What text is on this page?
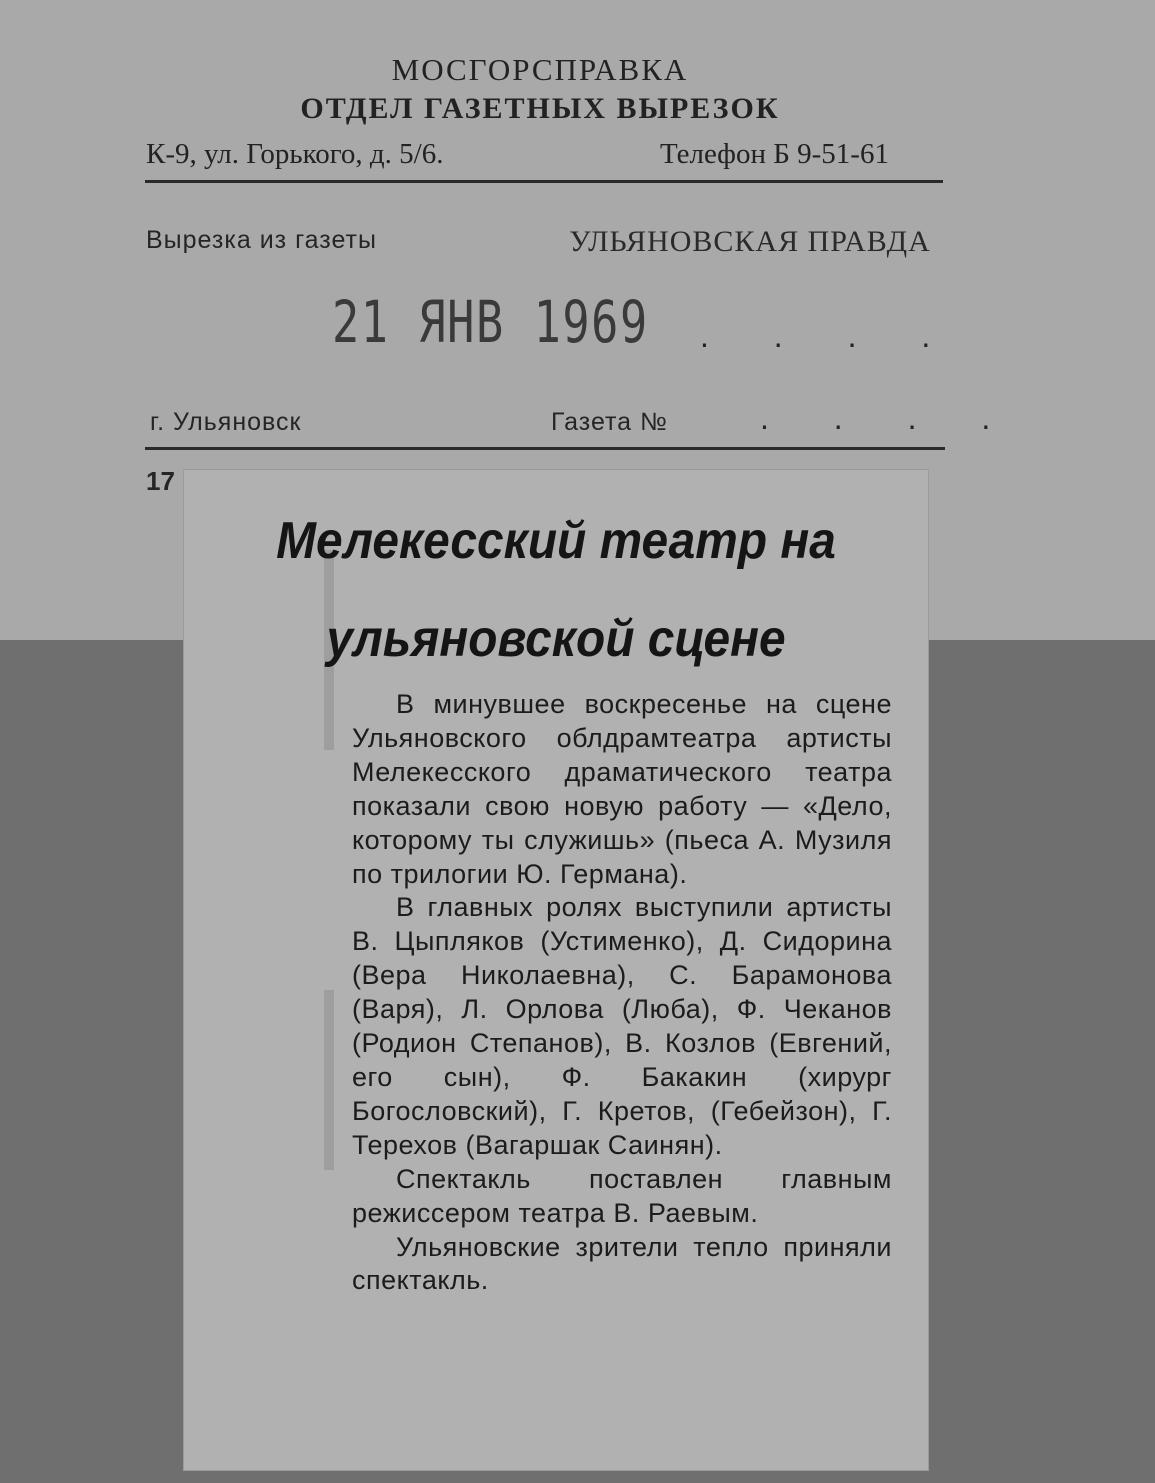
МОСГОРСПРАВКА
ОТДЕЛ ГАЗЕТНЫХ ВЫРЕЗОК
К-9, ул. Горького, д. 5/6.	Телефон Б 9-51-61
Вырезка из газеты	УЛЬЯНОВСКАЯ ПРАВДА
21 ЯНВ 1969 . . . .
г. Ульяновск	Газета №	. . . .
17
Мелекесский театр на ульяновской сцене

В минувшее воскресенье на сцене Ульяновского облдрамтеатра артисты Мелекесского драматического театра показали свою новую работу — «Дело, которому ты служишь» (пьеса А. Музиля по трилогии Ю. Германа).

В главных ролях выступили артисты В. Цыпляков (Устименко), Д. Сидорина (Вера Николаевна), С. Барамонова (Варя), Л. Орлова (Люба), Ф. Чеканов (Родион Степанов), В. Козлов (Евгений, его сын), Ф. Бакакин (хирург Богословский), Г. Кретов, (Гебейзон), Г. Терехов (Вагаршак Саинян).

Спектакль поставлен главным режиссером театра В. Раевым.

Ульяновские зрители тепло приняли спектакль.
